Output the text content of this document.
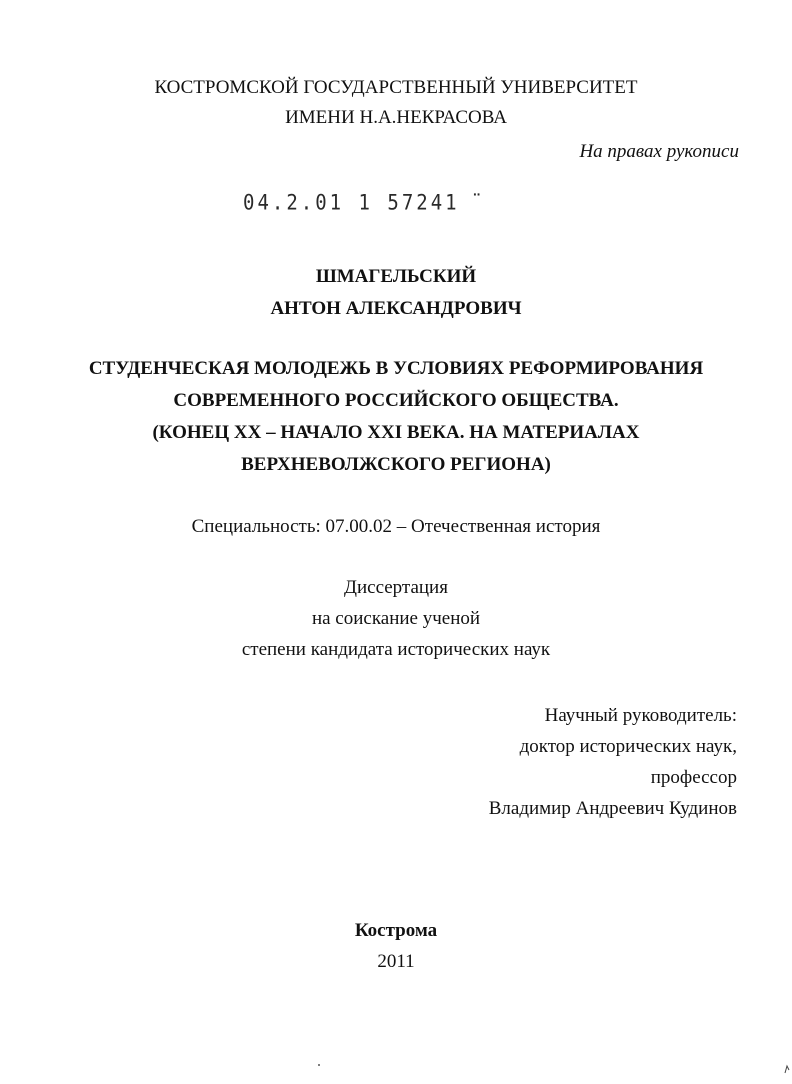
КОСТРОМСКОЙ ГОСУДАРСТВЕННЫЙ УНИВЕРСИТЕТ
ИМЕНИ Н.А.НЕКРАСОВА
На правах рукописи
04.2.01 1 57241 ̈
ШМАГЕЛЬСКИЙ
АНТОН АЛЕКСАНДРОВИЧ
СТУДЕНЧЕСКАЯ МОЛОДЕЖЬ В УСЛОВИЯХ РЕФОРМИРОВАНИЯ
СОВРЕМЕННОГО РОССИЙСКОГО ОБЩЕСТВА.
(КОНЕЦ XX – НАЧАЛО XXI ВЕКА. НА МАТЕРИАЛАХ
ВЕРХНЕВОЛЖСКОГО РЕГИОНА)
Специальность: 07.00.02 – Отечественная история
Диссертация
на соискание ученой
степени кандидата исторических наук
Научный руководитель:
доктор исторических наук,
профессор
Владимир Андреевич Кудинов
Кострома
2011
